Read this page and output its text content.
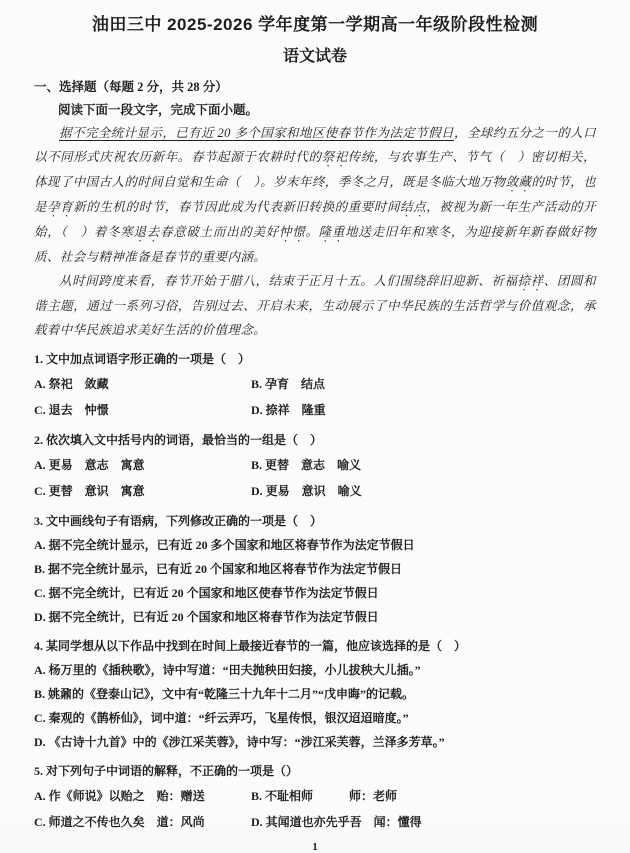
油田三中 2025-2026 学年度第一学期高一年级阶段性检测
语文试卷
一、选择题（每题 2 分，共 28 分）
阅读下面一段文字，完成下面小题。

据不完全统计显示，已有近 20 多个国家和地区使春节作为法定节假日，全球约五分之一的人口以不同形式庆祝农历新年。春节起源于农耕时代的祭祀传统，与农事生产、节气（　）密切相关，体现了中国古人的时间自觉和生命（　）。岁末年终，季冬之月，既是冬临大地万物敛藏的时节，也是孕育新的生机的时节，春节因此成为代表新旧转换的重要时间结点，被视为新一年生产活动的开始，（　）着冬寒退去春意破土而出的美好忡憬。隆重地送走旧年和寒冬，为迎接新年新春做好物质、社会与精神准备是春节的重要内涵。

从时间跨度来看，春节开始于腊八，结束于正月十五。人们围绕辞旧迎新、祈福捺祥、团圆和谐主题，通过一系列习俗，告别过去、开启未来，生动展示了中华民族的生活哲学与价值观念，承载着中华民族追求美好生活的价值理念。

1. 文中加点词语字形正确的一项是（　）
A. 祭祀　敛藏	B. 孕育　结点
C. 退去　忡憬	D. 捺祥　隆重
2. 依次填入文中括号内的词语，最恰当的一组是（　）
A. 更易　意志　寓意	B. 更替　意志　喻义
C. 更替　意识　寓意	D. 更易　意识　喻义
3. 文中画线句子有语病，下列修改正确的一项是（　）
A. 据不完全统计显示，已有近 20 多个国家和地区将春节作为法定节假日
B. 据不完全统计显示，已有近 20 个国家和地区将春节作为法定节假日
C. 据不完全统计，已有近 20 个国家和地区使春节作为法定节假日
D. 据不完全统计，已有近 20 个国家和地区将春节作为法定节假日
4. 某同学想从以下作品中找到在时间上最接近春节的一篇，他应该选择的是（　）
A. 杨万里的《插秧歌》，诗中写道：“田夫抛秧田妇接，小儿拔秧大儿插。”
B. 姚鼐的《登泰山记》，文中有“乾隆三十九年十二月”“戊申晦”的记载。
C. 秦观的《鹊桥仙》，词中道：“纤云弄巧，飞星传恨，银汉迢迢暗度。”
D. 《古诗十九首》中的《涉江采芙蓉》，诗中写：“涉江采芙蓉，兰泽多芳草。”
5. 对下列句子中词语的解释，不正确的一项是（）
A. 作《师说》以贻之　贻：赠送	B. 不耻相师　　　师：老师
C. 师道之不传也久矣　道：风尚	D. 其闻道也亦先乎吾　闻：懂得
1
